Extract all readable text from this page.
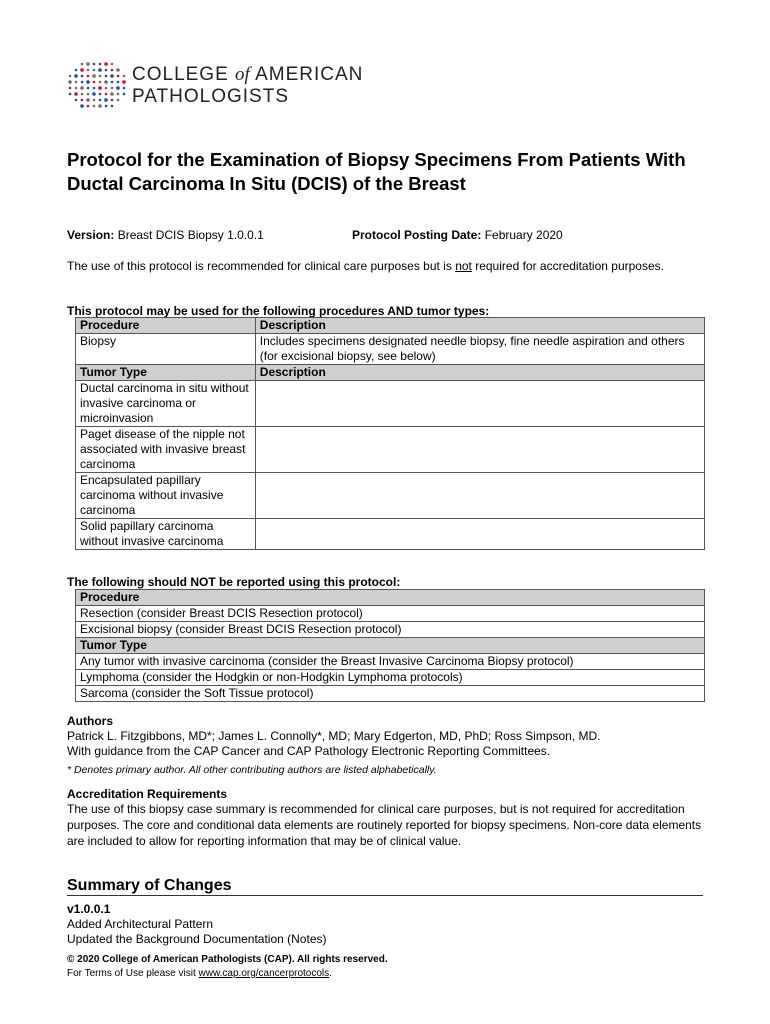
COLLEGE of AMERICAN
PATHOLOGISTS
Protocol for the Examination of Biopsy Specimens From Patients With Ductal Carcinoma In Situ (DCIS) of the Breast
Version: Breast DCIS Biopsy 1.0.0.1	Protocol Posting Date: February 2020
The use of this protocol is recommended for clinical care purposes but is not required for accreditation purposes.
This protocol may be used for the following procedures AND tumor types:
Procedure	Description
Biopsy	Includes specimens designated needle biopsy, fine needle aspiration and others (for excisional biopsy, see below)
Tumor Type	Description
Ductal carcinoma in situ without invasive carcinoma or microinvasion	
Paget disease of the nipple not associated with invasive breast carcinoma	
Encapsulated papillary carcinoma without invasive carcinoma	
Solid papillary carcinoma without invasive carcinoma	
The following should NOT be reported using this protocol:
Procedure
Resection (consider Breast DCIS Resection protocol)
Excisional biopsy (consider Breast DCIS Resection protocol)
Tumor Type
Any tumor with invasive carcinoma (consider the Breast Invasive Carcinoma Biopsy protocol)
Lymphoma (consider the Hodgkin or non-Hodgkin Lymphoma protocols)
Sarcoma (consider the Soft Tissue protocol)
Authors
Patrick L. Fitzgibbons, MD*; James L. Connolly*, MD; Mary Edgerton, MD, PhD; Ross Simpson, MD.
With guidance from the CAP Cancer and CAP Pathology Electronic Reporting Committees.
* Denotes primary author. All other contributing authors are listed alphabetically.
Accreditation Requirements
The use of this biopsy case summary is recommended for clinical care purposes, but is not required for accreditation purposes. The core and conditional data elements are routinely reported for biopsy specimens. Non-core data elements are included to allow for reporting information that may be of clinical value.
Summary of Changes
v1.0.0.1
Added Architectural Pattern
Updated the Background Documentation (Notes)
© 2020 College of American Pathologists (CAP). All rights reserved.
For Terms of Use please visit www.cap.org/cancerprotocols.
